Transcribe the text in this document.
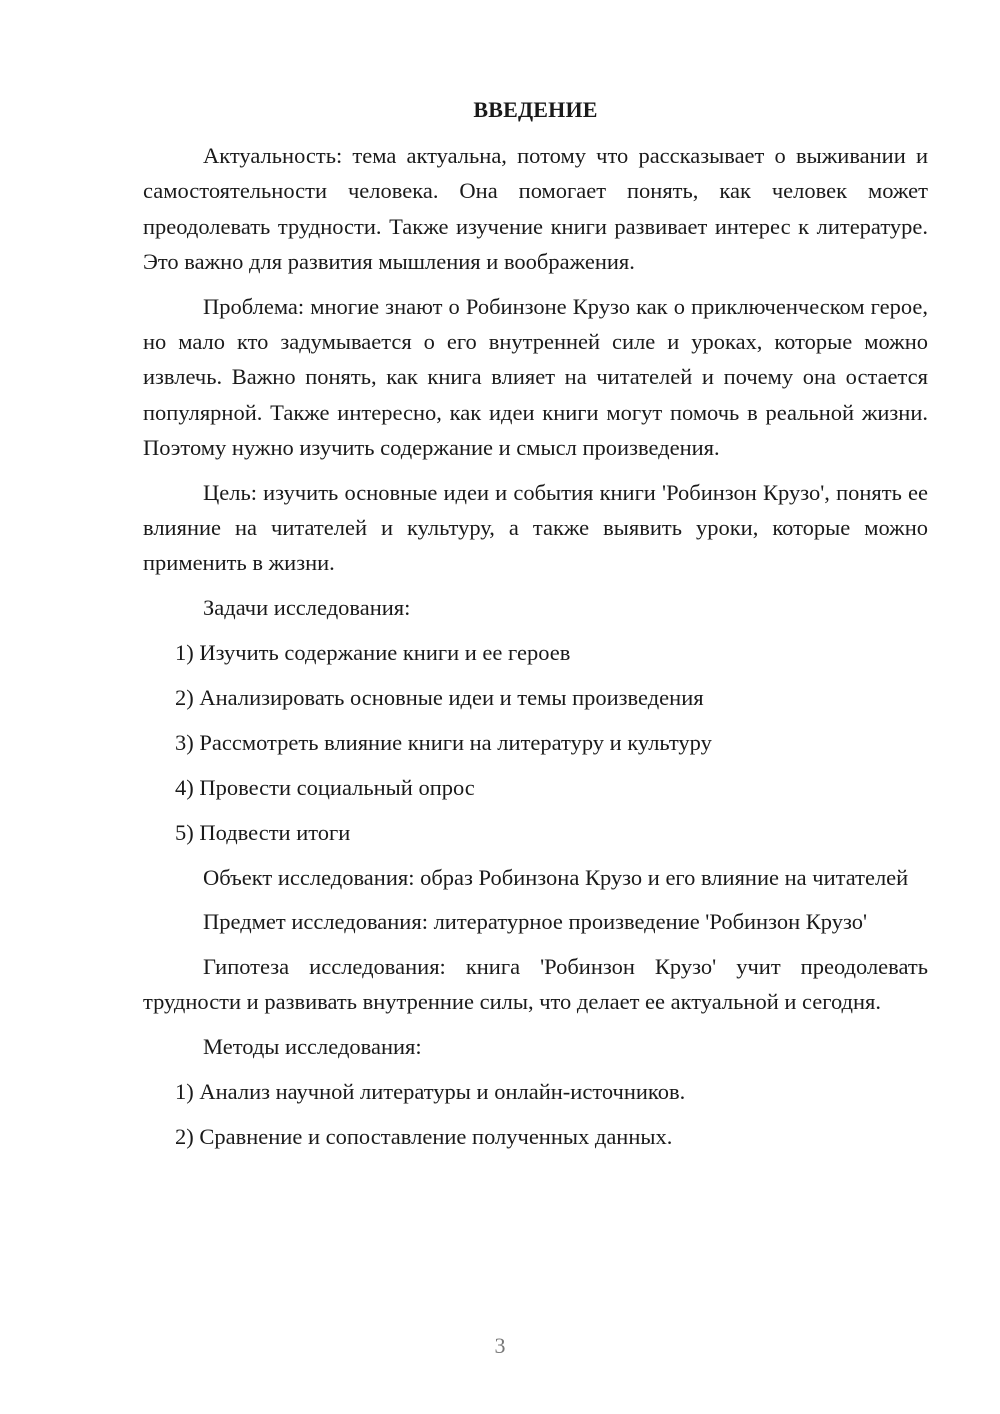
ВВЕДЕНИЕ

Актуальность: тема актуальна, потому что рассказывает о выживании и самостоятельности человека. Она помогает понять, как человек может преодолевать трудности. Также изучение книги развивает интерес к литературе. Это важно для развития мышления и воображения.

Проблема: многие знают о Робинзоне Крузо как о приключенческом герое, но мало кто задумывается о его внутренней силе и уроках, которые можно извлечь. Важно понять, как книга влияет на читателей и почему она остается популярной. Также интересно, как идеи книги могут помочь в реальной жизни. Поэтому нужно изучить содержание и смысл произведения.

Цель: изучить основные идеи и события книги 'Робинзон Крузо', понять ее влияние на читателей и культуру, а также выявить уроки, которые можно применить в жизни.

Задачи исследования:
1) Изучить содержание книги и ее героев
2) Анализировать основные идеи и темы произведения
3) Рассмотреть влияние книги на литературу и культуру
4) Провести социальный опрос
5) Подвести итоги

Объект исследования: образ Робинзона Крузо и его влияние на читателей

Предмет исследования: литературное произведение 'Робинзон Крузо'

Гипотеза исследования: книга 'Робинзон Крузо' учит преодолевать трудности и развивать внутренние силы, что делает ее актуальной и сегодня.

Методы исследования:
1) Анализ научной литературы и онлайн-источников.
2) Сравнение и сопоставление полученных данных.
3
